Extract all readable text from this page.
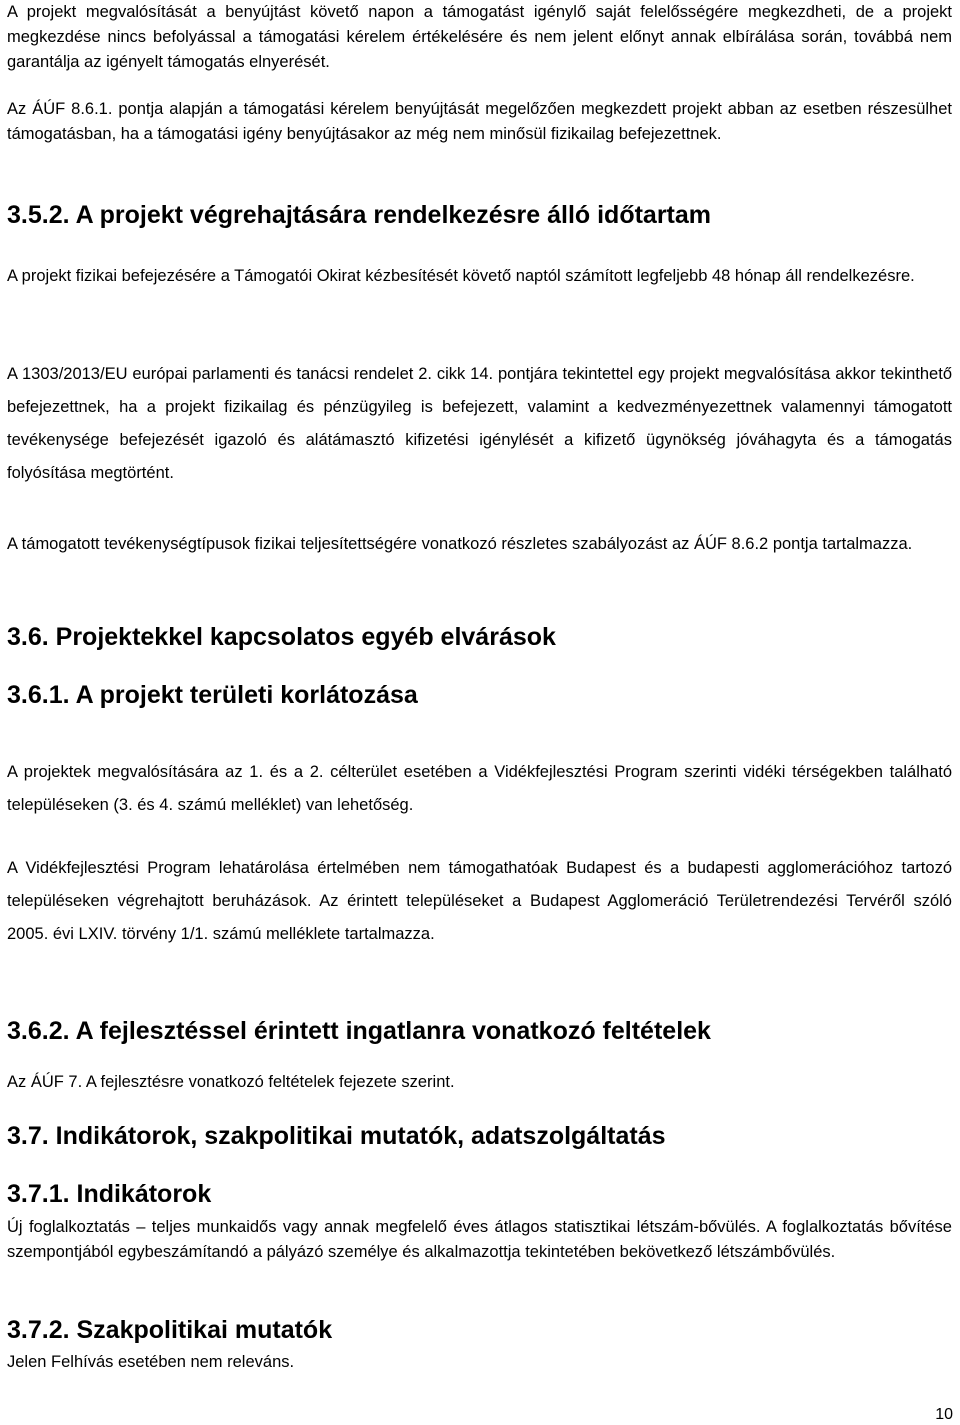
A projekt megvalósítását a benyújtást követő napon a támogatást igénylő saját felelősségére megkezdheti, de a projekt megkezdése nincs befolyással a támogatási kérelem értékelésére és nem jelent előnyt annak elbírálása során, továbbá nem garantálja az igényelt támogatás elnyerését.

Az ÁÚF 8.6.1. pontja alapján a támogatási kérelem benyújtását megelőzően megkezdett projekt abban az esetben részesülhet támogatásban, ha a támogatási igény benyújtásakor az még nem minősül fizikailag befejezettnek.

3.5.2. A projekt végrehajtására rendelkezésre álló időtartam

A projekt fizikai befejezésére a Támogatói Okirat kézbesítését követő naptól számított legfeljebb 48 hónap áll rendelkezésre.

A 1303/2013/EU európai parlamenti és tanácsi rendelet 2. cikk 14. pontjára tekintettel egy projekt megvalósítása akkor tekinthető befejezettnek, ha a projekt fizikailag és pénzügyileg is befejezett, valamint a kedvezményezettnek valamennyi támogatott tevékenysége befejezését igazoló és alátámasztó kifizetési igénylését a kifizető ügynökség jóváhagyta és a támogatás folyósítása megtörtént.

A támogatott tevékenységtípusok fizikai teljesítettségére vonatkozó részletes szabályozást az ÁÚF 8.6.2 pontja tartalmazza.

3.6. Projektekkel kapcsolatos egyéb elvárások
3.6.1. A projekt területi korlátozása

A projektek megvalósítására az 1. és a 2. célterület esetében a Vidékfejlesztési Program szerinti vidéki térségekben található településeken (3. és 4. számú melléklet) van lehetőség.

A Vidékfejlesztési Program lehatárolása értelmében nem támogathatóak Budapest és a budapesti agglomerációhoz tartozó településeken végrehajtott beruházások. Az érintett településeket a Budapest Agglomeráció Területrendezési Tervéről szóló 2005. évi LXIV. törvény 1/1. számú melléklete tartalmazza.

3.6.2. A fejlesztéssel érintett ingatlanra vonatkozó feltételek

Az ÁÚF 7. A fejlesztésre vonatkozó feltételek fejezete szerint.

3.7. Indikátorok, szakpolitikai mutatók, adatszolgáltatás
3.7.1. Indikátorok

Új foglalkoztatás – teljes munkaidős vagy annak megfelelő éves átlagos statisztikai létszám-bővülés. A foglalkoztatás bővítése szempontjából egybeszámítandó a pályázó személye és alkalmazottja tekintetében bekövetkező létszámbővülés.

3.7.2. Szakpolitikai mutatók

Jelen Felhívás esetében nem releváns.

10
